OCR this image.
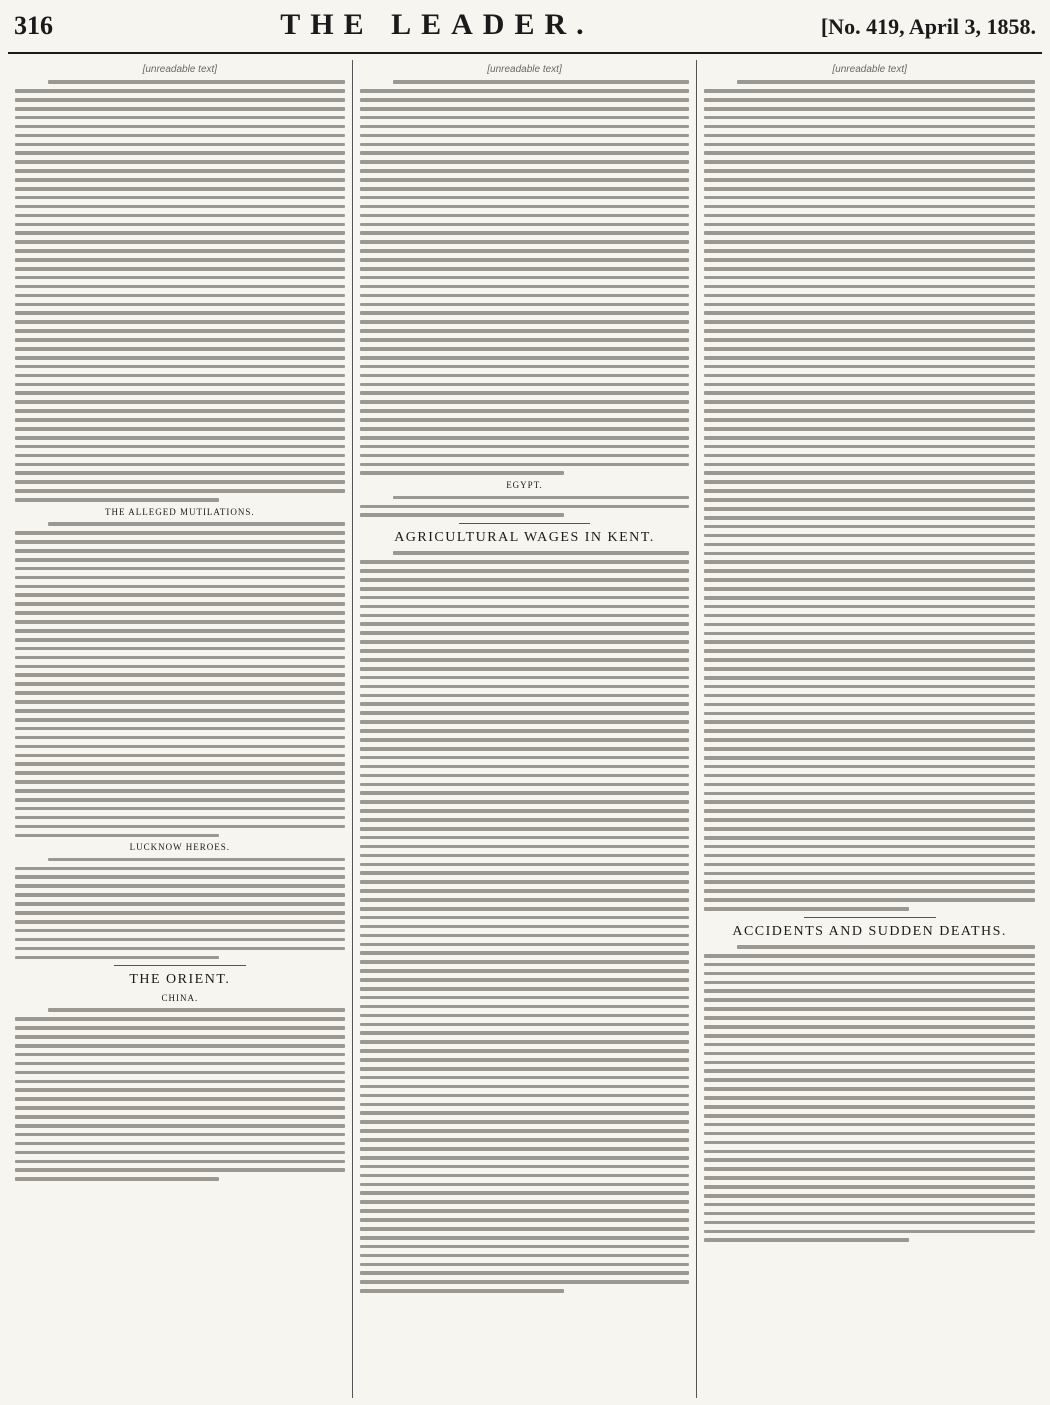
316	THE LEADER.	[No. 419, April 3, 1858.
[unreadable text]
THE ALLEGED MUTILATIONS.
LUCKNOW HEROES.
THE ORIENT.
CHINA.
[unreadable text]
EGYPT.
AGRICULTURAL WAGES IN KENT.
[unreadable text]
ACCIDENTS AND SUDDEN DEATHS.
